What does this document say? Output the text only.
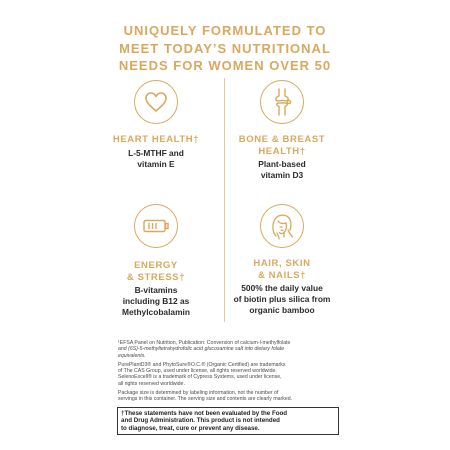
UNIQUELY FORMULATED TO
MEET TODAY’S NUTRITIONAL
NEEDS FOR WOMEN OVER 50
HEART HEALTH†
L-5-MTHF and
vitamin E
BONE & BREAST
HEALTH†
Plant-based
vitamin D3
ENERGY
& STRESS†
B-vitamins
including B12 as
Methylcobalamin
HAIR, SKIN
& NAILS†
500% the daily value
of biotin plus silica from
organic bamboo

¹EFSA Panel on Nutrition, Publication: Conversion of calcium-l-methylfolate
and (6S)-5-methyltetrahydrofolic acid glucosamine salt into dietary folate
equivalents.

PurePlantD3® and PhytoSure®O.C.® (Organic Certified) are trademarks
of The CAS Group, used under license, all rights reserved worldwide.
SelenoExcell® is a trademark of Cypress Systems, used under license,
all rights reserved worldwide.

Package size is determined by labeling information, not the number of
servings in this container. The serving size and contents are clearly marked.

†These statements have not been evaluated by the Food
and Drug Administration. This product is not intended
to diagnose, treat, cure or prevent any disease.
